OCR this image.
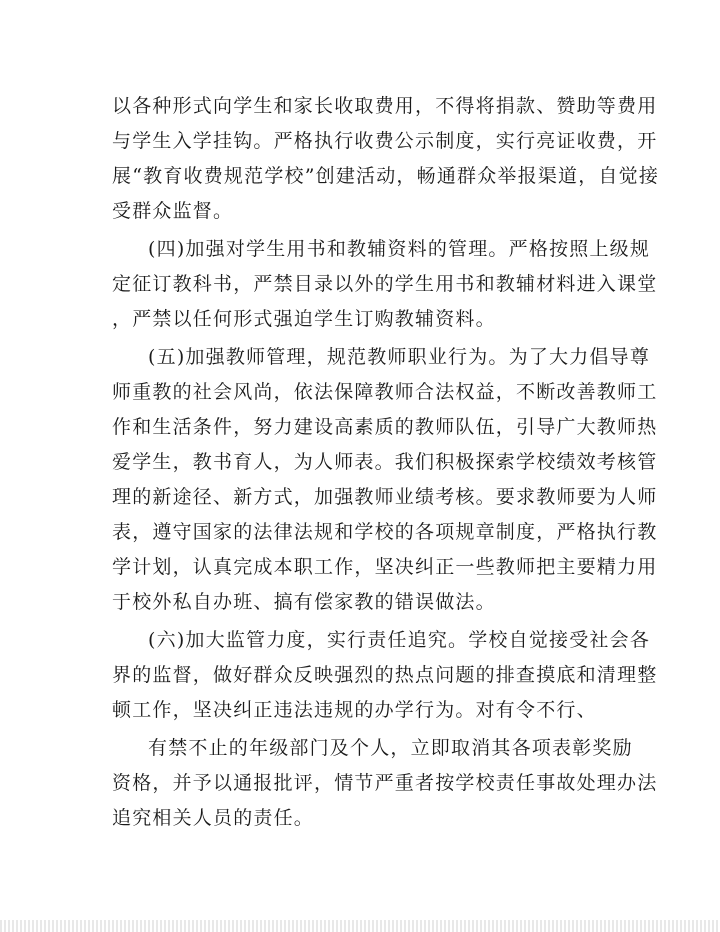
以各种形式向学生和家长收取费用，不得将捐款、赞助等费用
与学生入学挂钩。严格执行收费公示制度，实行亮证收费，开
展“教育收费规范学校”创建活动，畅通群众举报渠道，自觉接
受群众监督。
(四)加强对学生用书和教辅资料的管理。严格按照上级规
定征订教科书，严禁目录以外的学生用书和教辅材料进入课堂
，严禁以任何形式强迫学生订购教辅资料。
(五)加强教师管理，规范教师职业行为。为了大力倡导尊
师重教的社会风尚，依法保障教师合法权益，不断改善教师工
作和生活条件，努力建设高素质的教师队伍，引导广大教师热
爱学生，教书育人，为人师表。我们积极探索学校绩效考核管
理的新途径、新方式，加强教师业绩考核。要求教师要为人师
表，遵守国家的法律法规和学校的各项规章制度，严格执行教
学计划，认真完成本职工作，坚决纠正一些教师把主要精力用
于校外私自办班、搞有偿家教的错误做法。
(六)加大监管力度，实行责任追究。学校自觉接受社会各
界的监督，做好群众反映强烈的热点问题的排查摸底和清理整
顿工作，坚决纠正违法违规的办学行为。对有令不行、
有禁不止的年级部门及个人，立即取消其各项表彰奖励
资格，并予以通报批评，情节严重者按学校责任事故处理办法
追究相关人员的责任。
